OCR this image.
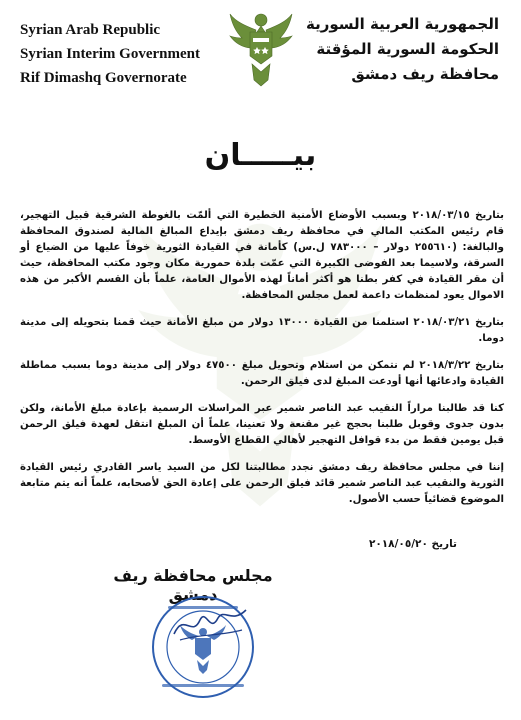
Syrian Arab Republic
Syrian Interim Government
Rif Dimashq Governorate
الجمهورية العربية السورية
الحكومة السورية المؤقتة
محافظة ريف دمشق
بيـــــان

بتاريخ ٢٠١٨/٠٣/١٥ وبسبب الأوضاع الأمنية الخطيرة التي ألمّت بالغوطة الشرقية قبيل التهجير، قام رئيس المكتب المالي في محافظة ريف دمشق بإيداع المبالغ المالية لصندوق المحافظة والبالغة: (٢٥٥٦١٠ دولار – ٧٨٣٠٠٠ ل.س) كأمانة في القيادة الثورية خوفاً عليها من الضياع أو السرقة، ولاسيما بعد الفوضى الكبيرة التي عمّت بلدة حمورية مكان وجود مكتب المحافظة، حيث أن مقر القيادة في كفر بطنا هو أكثر أماناً لهذه الأموال العامة، علماً بأن القسم الأكبر من هذه الاموال يعود لمنظمات داعمة لعمل مجلس المحافظة.

بتاريخ ٢٠١٨/٠٣/٢١ استلمنا من القيادة ١٣٠٠٠ دولار من مبلغ الأمانة حيث قمنا بتحويله إلى مدينة دوما.

بتاريخ ٢٠١٨/٣/٢٢ لم نتمكن من استلام وتحويل مبلغ ٤٧٥٠٠ دولار إلى مدينة دوما بسبب مماطلة القيادة وادعائها أنها أودعت المبلغ لدى فيلق الرحمن.

كنا قد طالبنا مراراً النقيب عبد الناصر شمير عبر المراسلات الرسمية بإعادة مبلغ الأمانة، ولكن بدون جدوى وقوبل طلبنا بحجج غير مقنعة ولا تعنينا، علماً أن المبلغ انتقل لعهدة فيلق الرحمن قبل يومين فقط من بدء قوافل التهجير لأهالي القطاع الأوسط.

إننا في مجلس محافظة ريف دمشق نجدد مطالبتنا لكل من السيد ياسر القادري رئيس القيادة الثورية والنقيب عبد الناصر شمير قائد فيلق الرحمن على إعادة الحق لأصحابه، علماً أنه يتم متابعة الموضوع قضائياً حسب الأصول.

تاريخ ٢٠١٨/٠٥/٢٠
مجلس محافظة ريف دمشق
